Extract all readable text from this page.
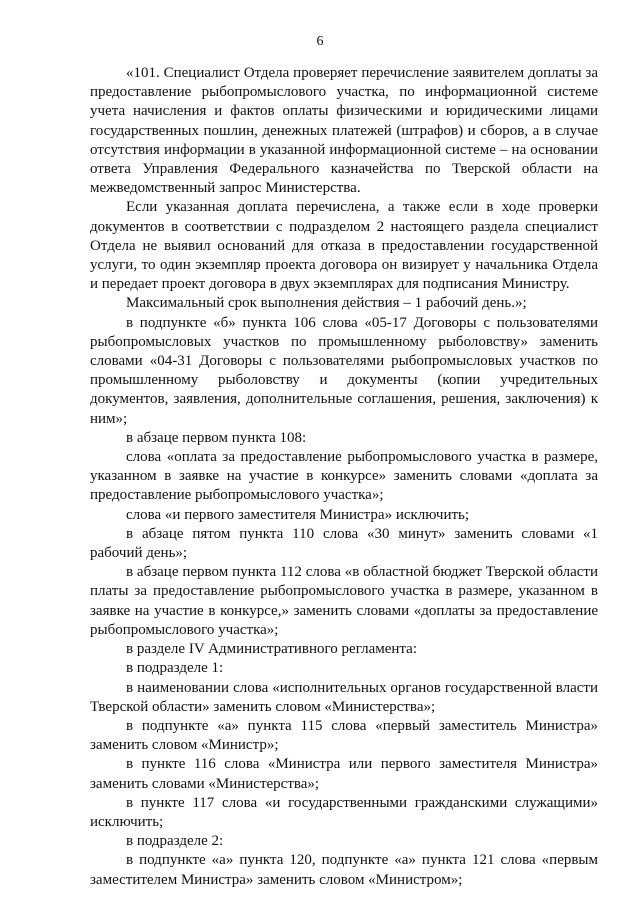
6

«101. Специалист Отдела проверяет перечисление заявителем доплаты за предоставление рыбопромыслового участка, по информационной системе учета начисления и фактов оплаты физическими и юридическими лицами государственных пошлин, денежных платежей (штрафов) и сборов, а в случае отсутствия информации в указанной информационной системе – на основании ответа Управления Федерального казначейства по Тверской области на межведомственный запрос Министерства.

Если указанная доплата перечислена, а также если в ходе проверки документов в соответствии с подразделом 2 настоящего раздела специалист Отдела не выявил оснований для отказа в предоставлении государственной услуги, то один экземпляр проекта договора он визирует у начальника Отдела и передает проект договора в двух экземплярах для подписания Министру.

Максимальный срок выполнения действия – 1 рабочий день.»;

в подпункте «б» пункта 106 слова «05-17 Договоры с пользователями рыбопромысловых участков по промышленному рыболовству» заменить словами «04-31 Договоры с пользователями рыбопромысловых участков по промышленному рыболовству и документы (копии учредительных документов, заявления, дополнительные соглашения, решения, заключения) к ним»;

в абзаце первом пункта 108:

слова «оплата за предоставление рыбопромыслового участка в размере, указанном в заявке на участие в конкурсе» заменить словами «доплата за предоставление рыбопромыслового участка»;

слова «и первого заместителя Министра» исключить;

в абзаце пятом пункта 110 слова «30 минут» заменить словами «1 рабочий день»;

в абзаце первом пункта 112 слова «в областной бюджет Тверской области платы за предоставление рыбопромыслового участка в размере, указанном в заявке на участие в конкурсе,» заменить словами «доплаты за предоставление рыбопромыслового участка»;

в разделе IV Административного регламента:

в подразделе 1:

в наименовании слова «исполнительных органов государственной власти Тверской области» заменить словом «Министерства»;

в подпункте «а» пункта 115 слова «первый заместитель Министра» заменить словом «Министр»;

в пункте 116 слова «Министра или первого заместителя Министра» заменить словами «Министерства»;

в пункте 117 слова «и государственными гражданскими служащими» исключить;

в подразделе 2:

в подпункте «а» пункта 120, подпункте «а» пункта 121 слова «первым заместителем Министра» заменить словом «Министром»;
